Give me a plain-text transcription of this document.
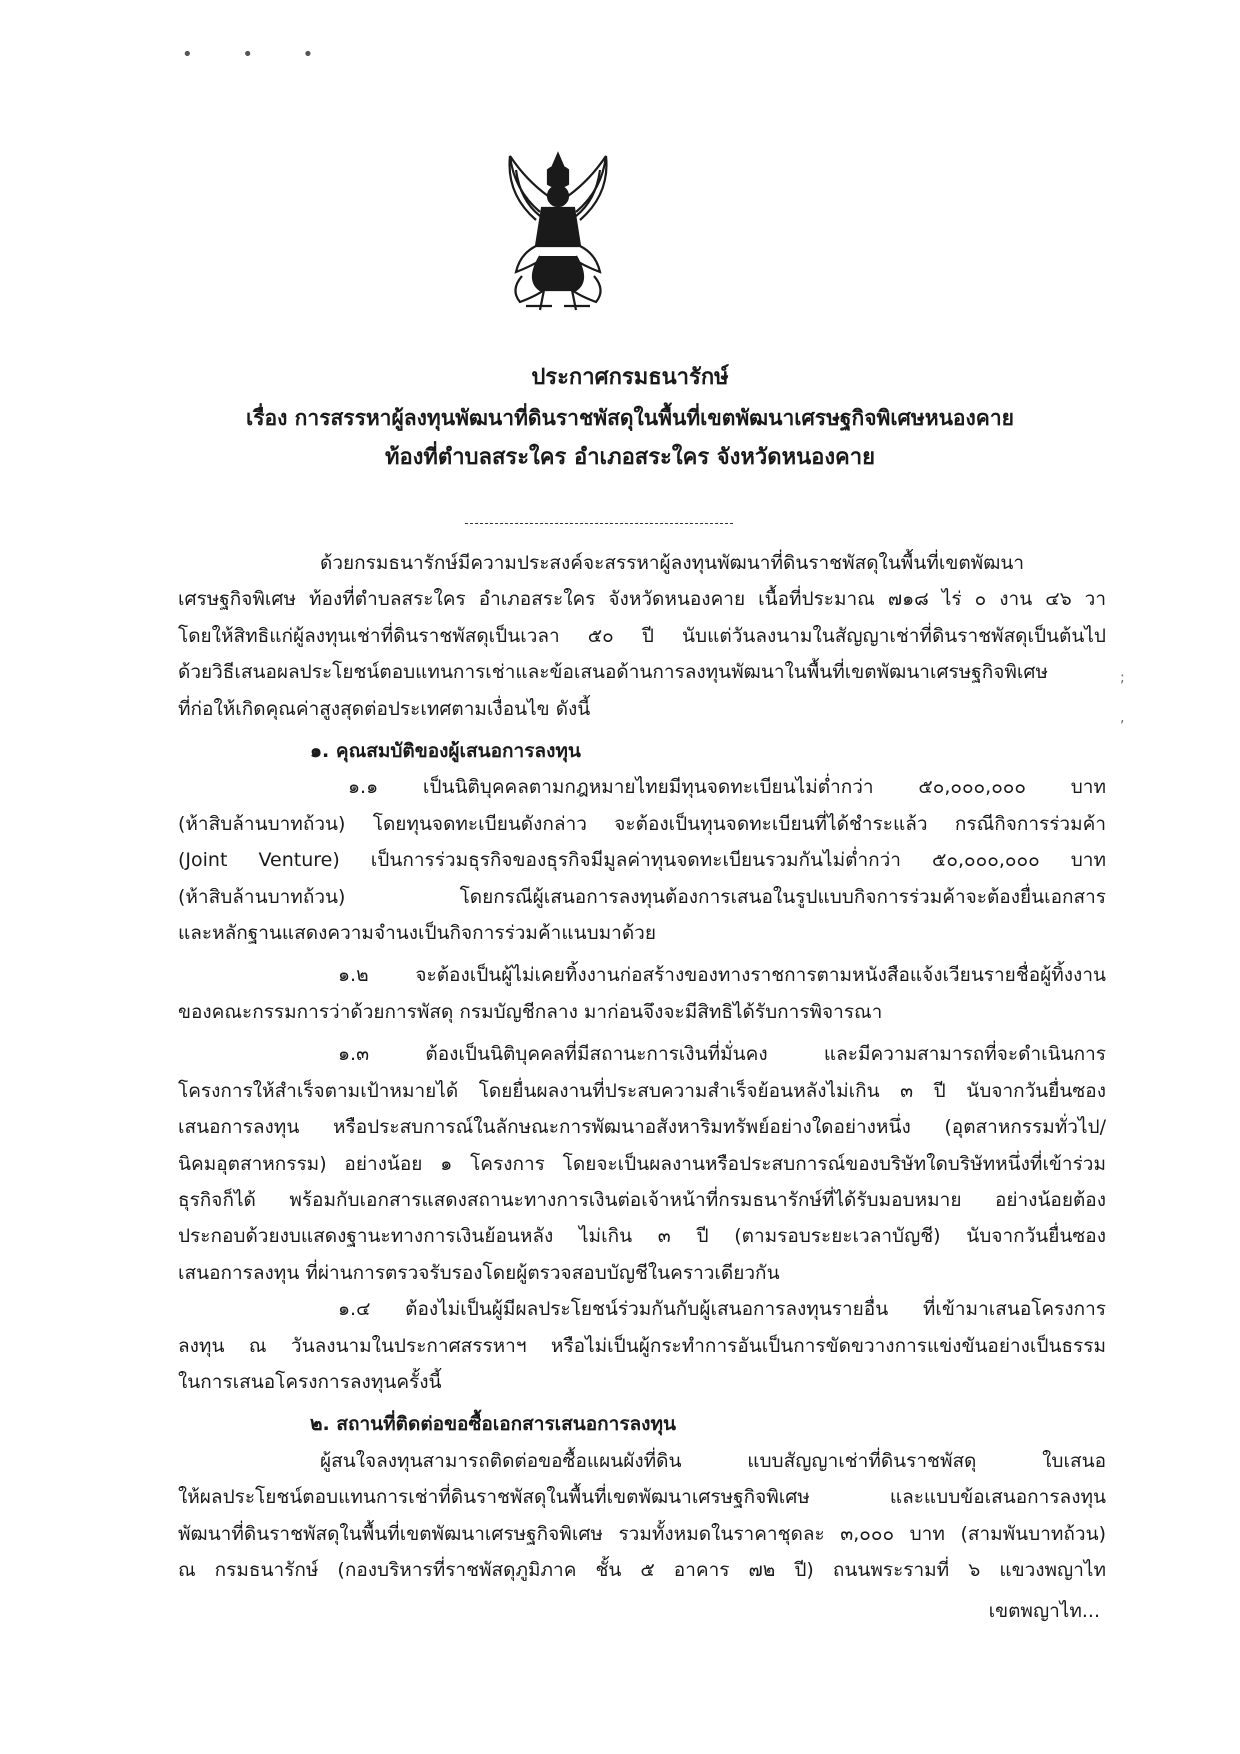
• • •
ประกาศกรมธนารักษ์
เรื่อง การสรรหาผู้ลงทุนพัฒนาที่ดินราชพัสดุในพื้นที่เขตพัฒนาเศรษฐกิจพิเศษหนองคาย
ท้องที่ตำบลสระใคร อำเภอสระใคร จังหวัดหนองคาย

ด้วยกรมธนารักษ์มีความประสงค์จะสรรหาผู้ลงทุนพัฒนาที่ดินราชพัสดุในพื้นที่เขตพัฒนา

เศรษฐกิจพิเศษ ท้องที่ตำบลสระใคร อำเภอสระใคร จังหวัดหนองคาย เนื้อที่ประมาณ ๗๑๘ ไร่ ๐ งาน ๔๖ วา

โดยให้สิทธิแก่ผู้ลงทุนเช่าที่ดินราชพัสดุเป็นเวลา ๕๐ ปี นับแต่วันลงนามในสัญญาเช่าที่ดินราชพัสดุเป็นต้นไป

ด้วยวิธีเสนอผลประโยชน์ตอบแทนการเช่าและข้อเสนอด้านการลงทุนพัฒนาในพื้นที่เขตพัฒนาเศรษฐกิจพิเศษ

ที่ก่อให้เกิดคุณค่าสูงสุดต่อประเทศตามเงื่อนไข ดังนี้

๑. คุณสมบัติของผู้เสนอการลงทุน

๑.๑ เป็นนิติบุคคลตามกฎหมายไทยมีทุนจดทะเบียนไม่ต่ำกว่า ๕๐,๐๐๐,๐๐๐ บาท

(ห้าสิบล้านบาทถ้วน) โดยทุนจดทะเบียนดังกล่าว จะต้องเป็นทุนจดทะเบียนที่ได้ชำระแล้ว กรณีกิจการร่วมค้า

(Joint Venture) เป็นการร่วมธุรกิจของธุรกิจมีมูลค่าทุนจดทะเบียนรวมกันไม่ต่ำกว่า ๕๐,๐๐๐,๐๐๐ บาท

(ห้าสิบล้านบาทถ้วน) โดยกรณีผู้เสนอการลงทุนต้องการเสนอในรูปแบบกิจการร่วมค้าจะต้องยื่นเอกสาร

และหลักฐานแสดงความจำนงเป็นกิจการร่วมค้าแนบมาด้วย

๑.๒ จะต้องเป็นผู้ไม่เคยทิ้งงานก่อสร้างของทางราชการตามหนังสือแจ้งเวียนรายชื่อผู้ทิ้งงาน

ของคณะกรรมการว่าด้วยการพัสดุ กรมบัญชีกลาง มาก่อนจึงจะมีสิทธิได้รับการพิจารณา

๑.๓ ต้องเป็นนิติบุคคลที่มีสถานะการเงินที่มั่นคง และมีความสามารถที่จะดำเนินการ

โครงการให้สำเร็จตามเป้าหมายได้ โดยยื่นผลงานที่ประสบความสำเร็จย้อนหลังไม่เกิน ๓ ปี นับจากวันยื่นซอง

เสนอการลงทุน หรือประสบการณ์ในลักษณะการพัฒนาอสังหาริมทรัพย์อย่างใดอย่างหนึ่ง (อุตสาหกรรมทั่วไป/

นิคมอุตสาหกรรม) อย่างน้อย ๑ โครงการ โดยจะเป็นผลงานหรือประสบการณ์ของบริษัทใดบริษัทหนึ่งที่เข้าร่วม

ธุรกิจก็ได้ พร้อมกับเอกสารแสดงสถานะทางการเงินต่อเจ้าหน้าที่กรมธนารักษ์ที่ได้รับมอบหมาย อย่างน้อยต้อง

ประกอบด้วยงบแสดงฐานะทางการเงินย้อนหลัง ไม่เกิน ๓ ปี (ตามรอบระยะเวลาบัญชี) นับจากวันยื่นซอง

เสนอการลงทุน ที่ผ่านการตรวจรับรองโดยผู้ตรวจสอบบัญชีในคราวเดียวกัน

๑.๔ ต้องไม่เป็นผู้มีผลประโยชน์ร่วมกันกับผู้เสนอการลงทุนรายอื่น ที่เข้ามาเสนอโครงการ

ลงทุน ณ วันลงนามในประกาศสรรหาฯ หรือไม่เป็นผู้กระทำการอันเป็นการขัดขวางการแข่งขันอย่างเป็นธรรม

ในการเสนอโครงการลงทุนครั้งนี้

๒. สถานที่ติดต่อขอซื้อเอกสารเสนอการลงทุน

ผู้สนใจลงทุนสามารถติดต่อขอซื้อแผนผังที่ดิน แบบสัญญาเช่าที่ดินราชพัสดุ ใบเสนอ

ให้ผลประโยชน์ตอบแทนการเช่าที่ดินราชพัสดุในพื้นที่เขตพัฒนาเศรษฐกิจพิเศษ และแบบข้อเสนอการลงทุน

พัฒนาที่ดินราชพัสดุในพื้นที่เขตพัฒนาเศรษฐกิจพิเศษ รวมทั้งหมดในราคาชุดละ ๓,๐๐๐ บาท (สามพันบาทถ้วน)

ณ กรมธนารักษ์ (กองบริหารที่ราชพัสดุภูมิภาค ชั้น ๕ อาคาร ๗๒ ปี) ถนนพระรามที่ ๖ แขวงพญาไท

;
,
เขตพญาไท...
